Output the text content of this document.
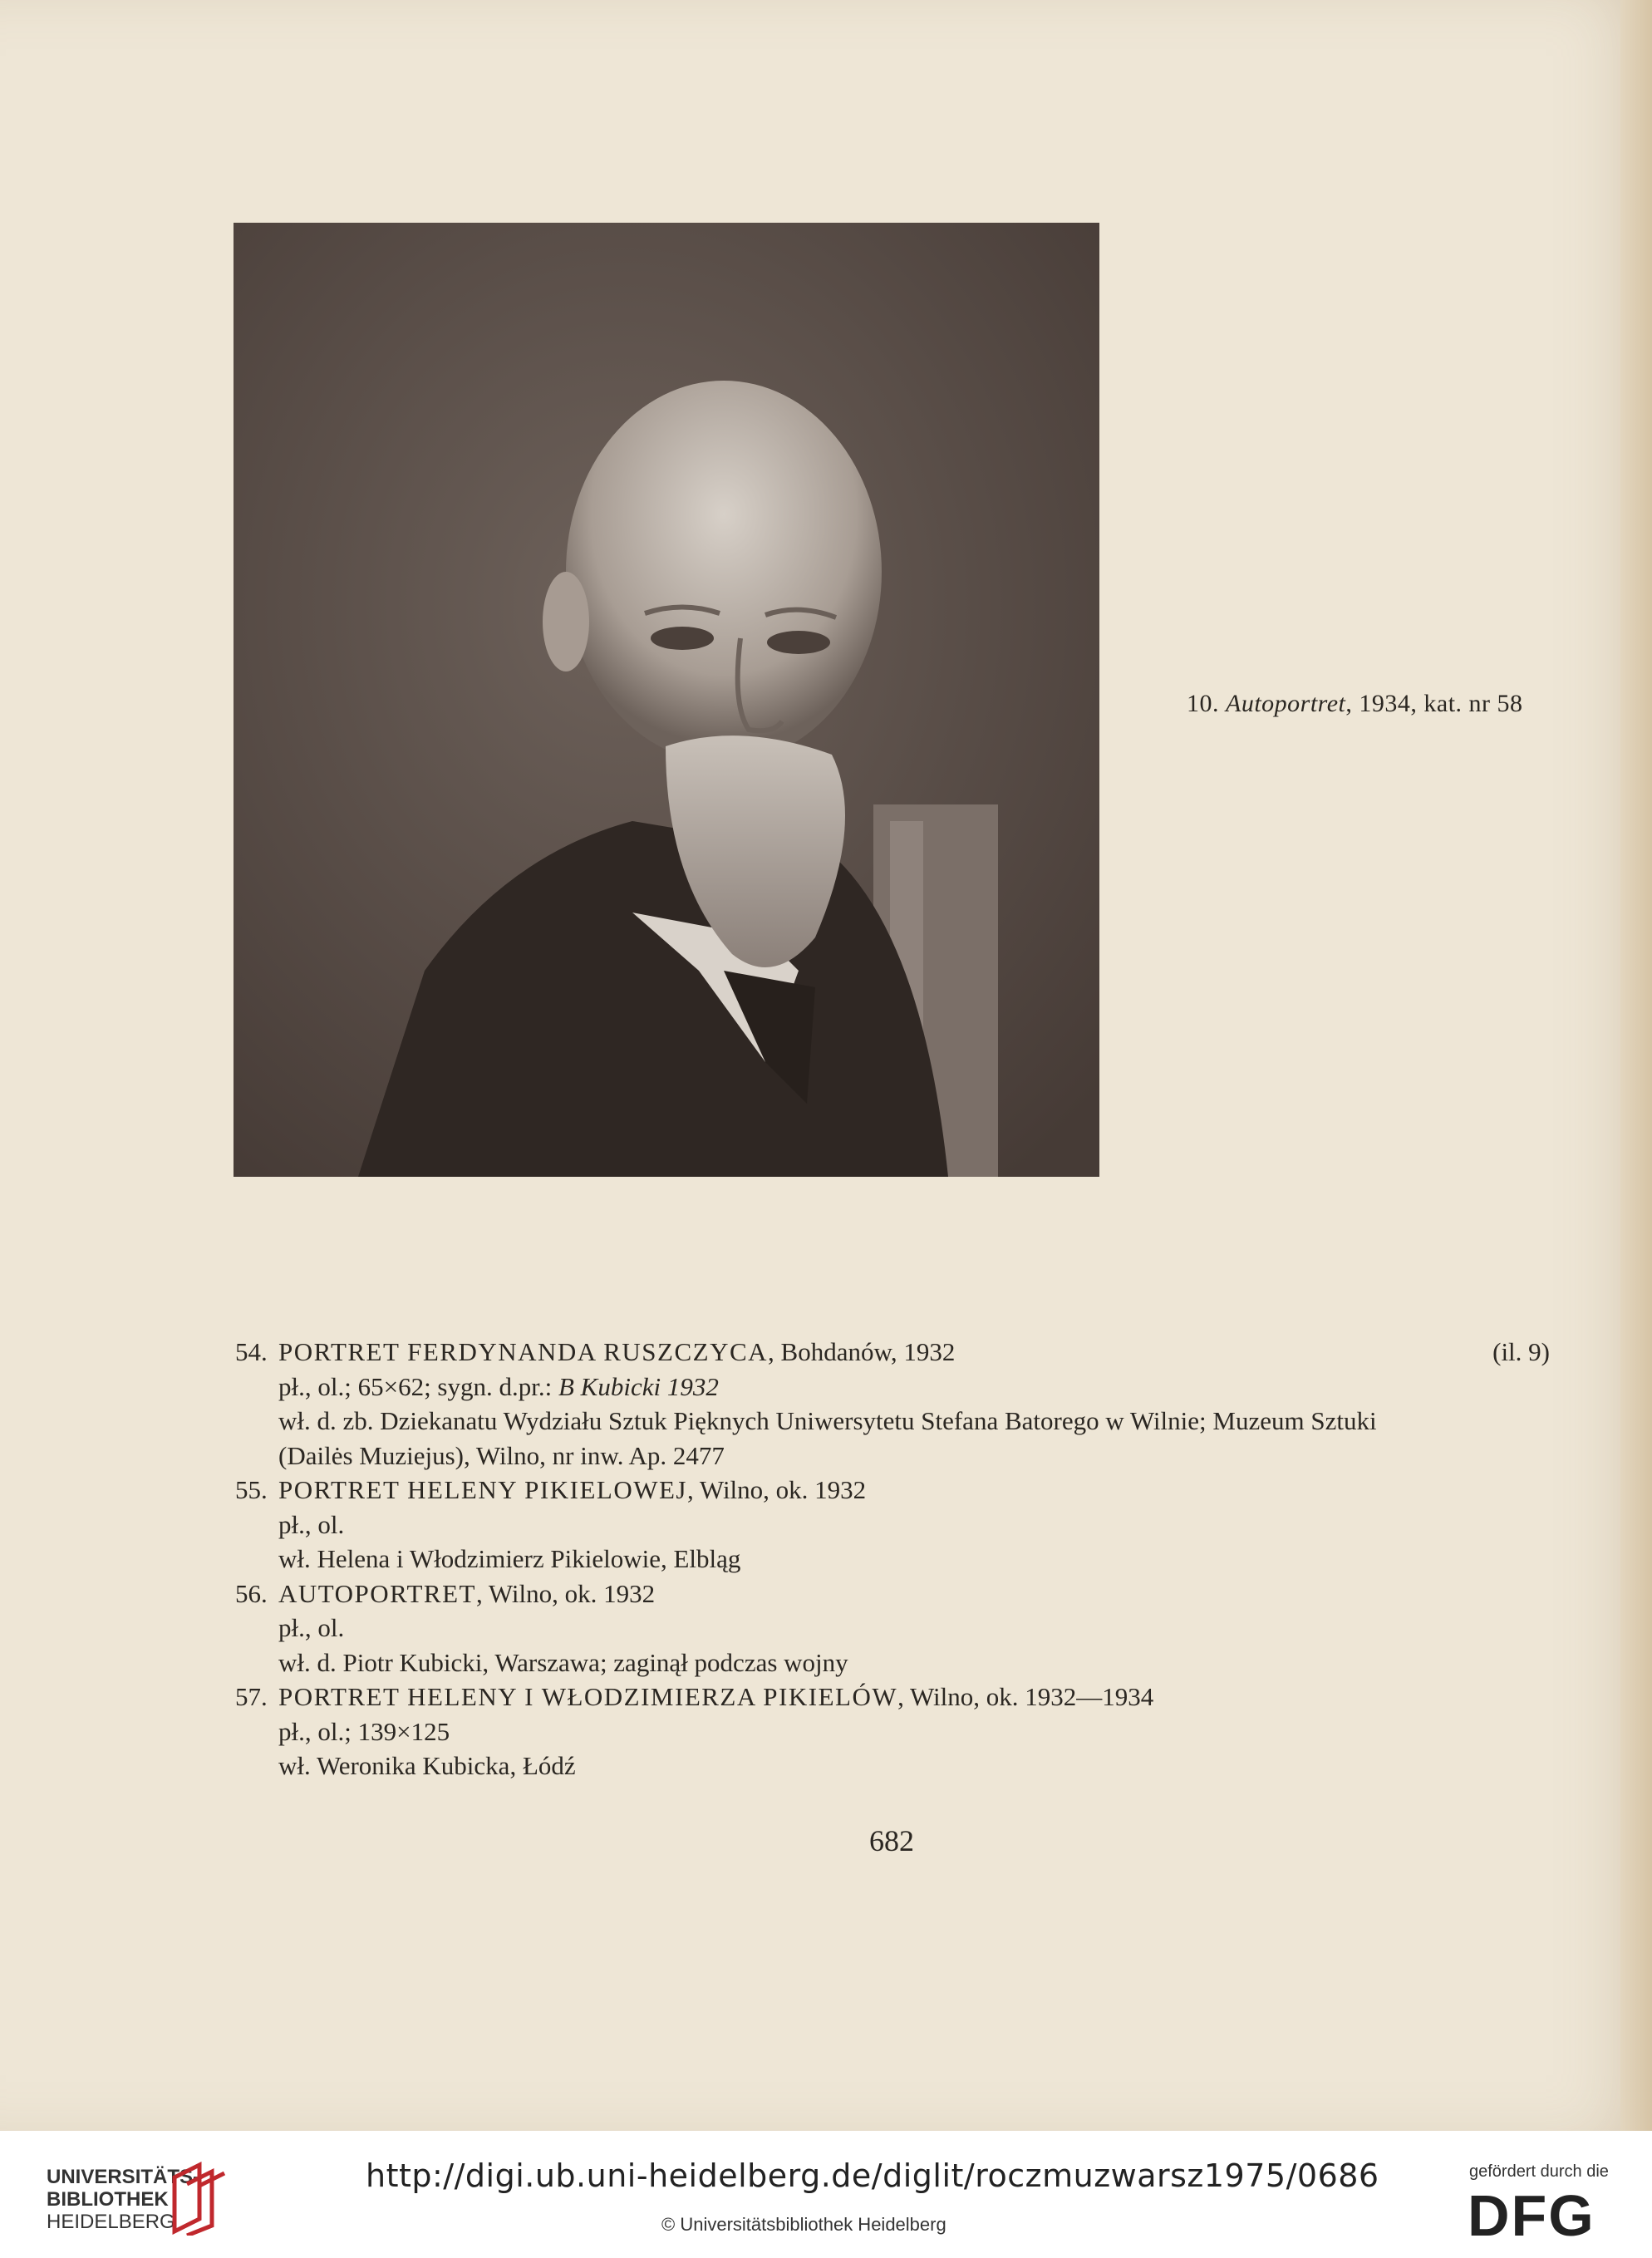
10. Autoportret, 1934, kat. nr 58
54. PORTRET FERDYNANDA RUSZCZYCA, Bohdanów, 1932	(il. 9)
pł., ol.; 65×62; sygn. d.pr.: B Kubicki 1932
wł. d. zb. Dziekanatu Wydziału Sztuk Pięknych Uniwersytetu Stefana Batorego w Wilnie; Muzeum Sztuki
(Dailės Muziejus), Wilno, nr inw. Ap. 2477
55. PORTRET HELENY PIKIELOWEJ, Wilno, ok. 1932
pł., ol.
wł. Helena i Włodzimierz Pikielowie, Elbląg
56. AUTOPORTRET, Wilno, ok. 1932
pł., ol.
wł. d. Piotr Kubicki, Warszawa; zaginął podczas wojny
57. PORTRET HELENY I WŁODZIMIERZA PIKIELÓW, Wilno, ok. 1932—1934
pł., ol.; 139×125
wł. Weronika Kubicka, Łódź
682
UNIVERSITÄTS-
BIBLIOTHEK
HEIDELBERG
http://digi.ub.uni-heidelberg.de/diglit/roczmuzwarsz1975/0686
© Universitätsbibliothek Heidelberg
gefördert durch die
DFG
